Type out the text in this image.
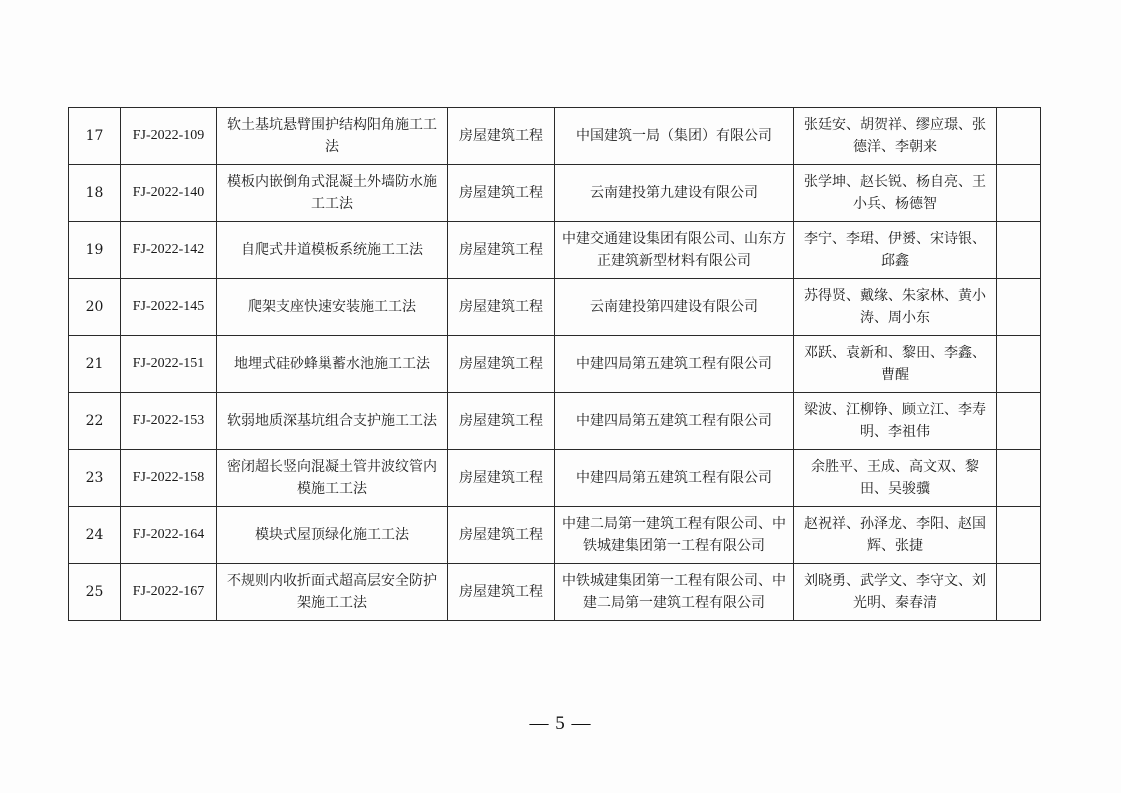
17	FJ-2022-109	软土基坑悬臂围护结构阳角施工工法	房屋建筑工程	中国建筑一局（集团）有限公司	张廷安、胡贺祥、缪应璟、张德洋、李朝来	
18	FJ-2022-140	模板内嵌倒角式混凝土外墙防水施工工法	房屋建筑工程	云南建投第九建设有限公司	张学坤、赵长锐、杨自亮、王小兵、杨德智	
19	FJ-2022-142	自爬式井道模板系统施工工法	房屋建筑工程	中建交通建设集团有限公司、山东方正建筑新型材料有限公司	李宁、李珺、伊赟、宋诗银、邱鑫	
20	FJ-2022-145	爬架支座快速安装施工工法	房屋建筑工程	云南建投第四建设有限公司	苏得贤、戴缘、朱家林、黄小涛、周小东	
21	FJ-2022-151	地埋式硅砂蜂巢蓄水池施工工法	房屋建筑工程	中建四局第五建筑工程有限公司	邓跃、袁新和、黎田、李鑫、曹醒	
22	FJ-2022-153	软弱地质深基坑组合支护施工工法	房屋建筑工程	中建四局第五建筑工程有限公司	梁波、江柳铮、顾立江、李寿明、李祖伟	
23	FJ-2022-158	密闭超长竖向混凝土管井波纹管内模施工工法	房屋建筑工程	中建四局第五建筑工程有限公司	余胜平、王成、高文双、黎田、吴骏骥	
24	FJ-2022-164	模块式屋顶绿化施工工法	房屋建筑工程	中建二局第一建筑工程有限公司、中铁城建集团第一工程有限公司	赵祝祥、孙泽龙、李阳、赵国辉、张捷	
25	FJ-2022-167	不规则内收折面式超高层安全防护架施工工法	房屋建筑工程	中铁城建集团第一工程有限公司、中建二局第一建筑工程有限公司	刘晓勇、武学文、李守文、刘光明、秦春清	
— 5 —
